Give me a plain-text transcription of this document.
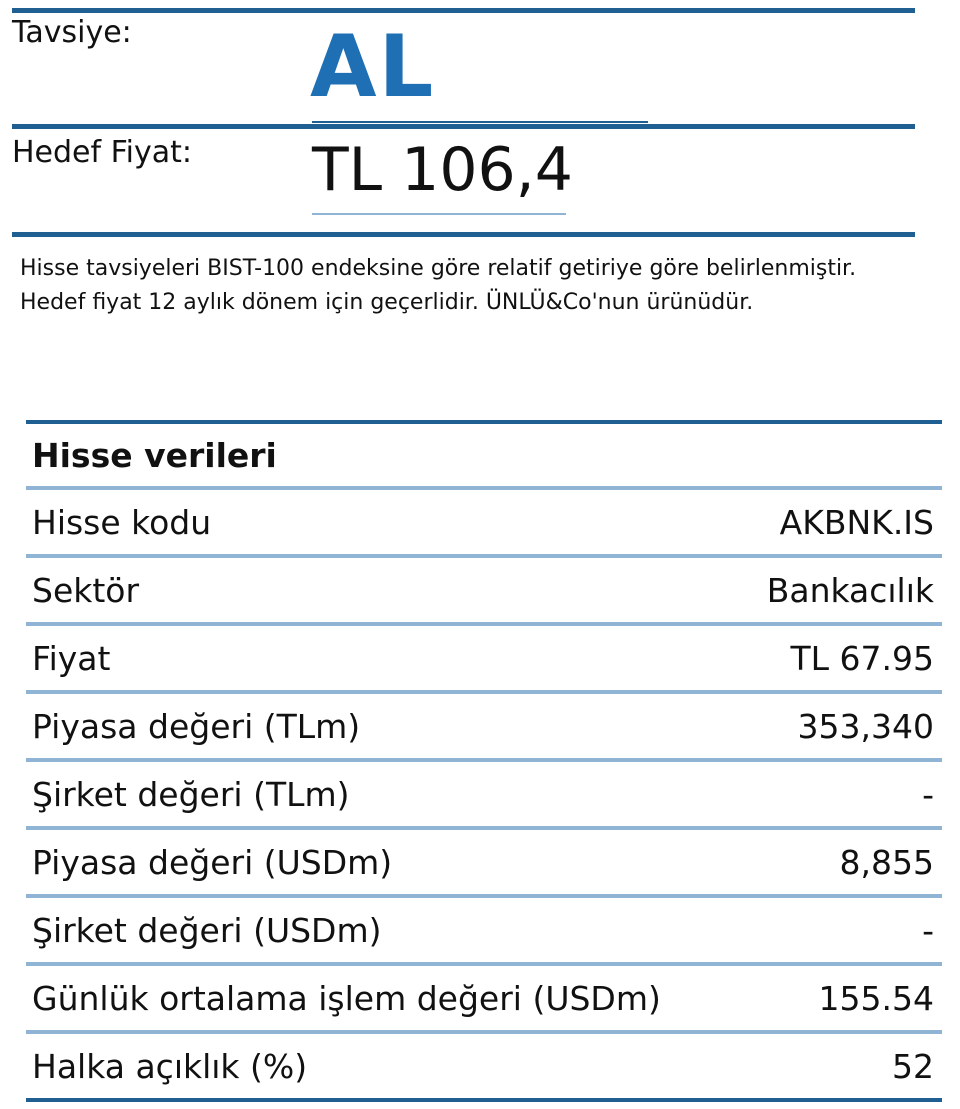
Tavsiye: AL
Hedef Fiyat: TL 106,4

Hisse tavsiyeleri BIST-100 endeksine göre relatif getiriye göre belirlenmiştir. Hedef fiyat 12 aylık dönem için geçerlidir. ÜNLÜ&Co'nun ürünüdür.

Hisse verileri
Hisse kodu	AKBNK.IS
Sektör	Bankacılık
Fiyat	TL 67.95
Piyasa değeri (TLm)	353,340
Şirket değeri (TLm)	-
Piyasa değeri (USDm)	8,855
Şirket değeri (USDm)	-
Günlük ortalama işlem değeri (USDm)	155.54
Halka açıklık (%)	52
